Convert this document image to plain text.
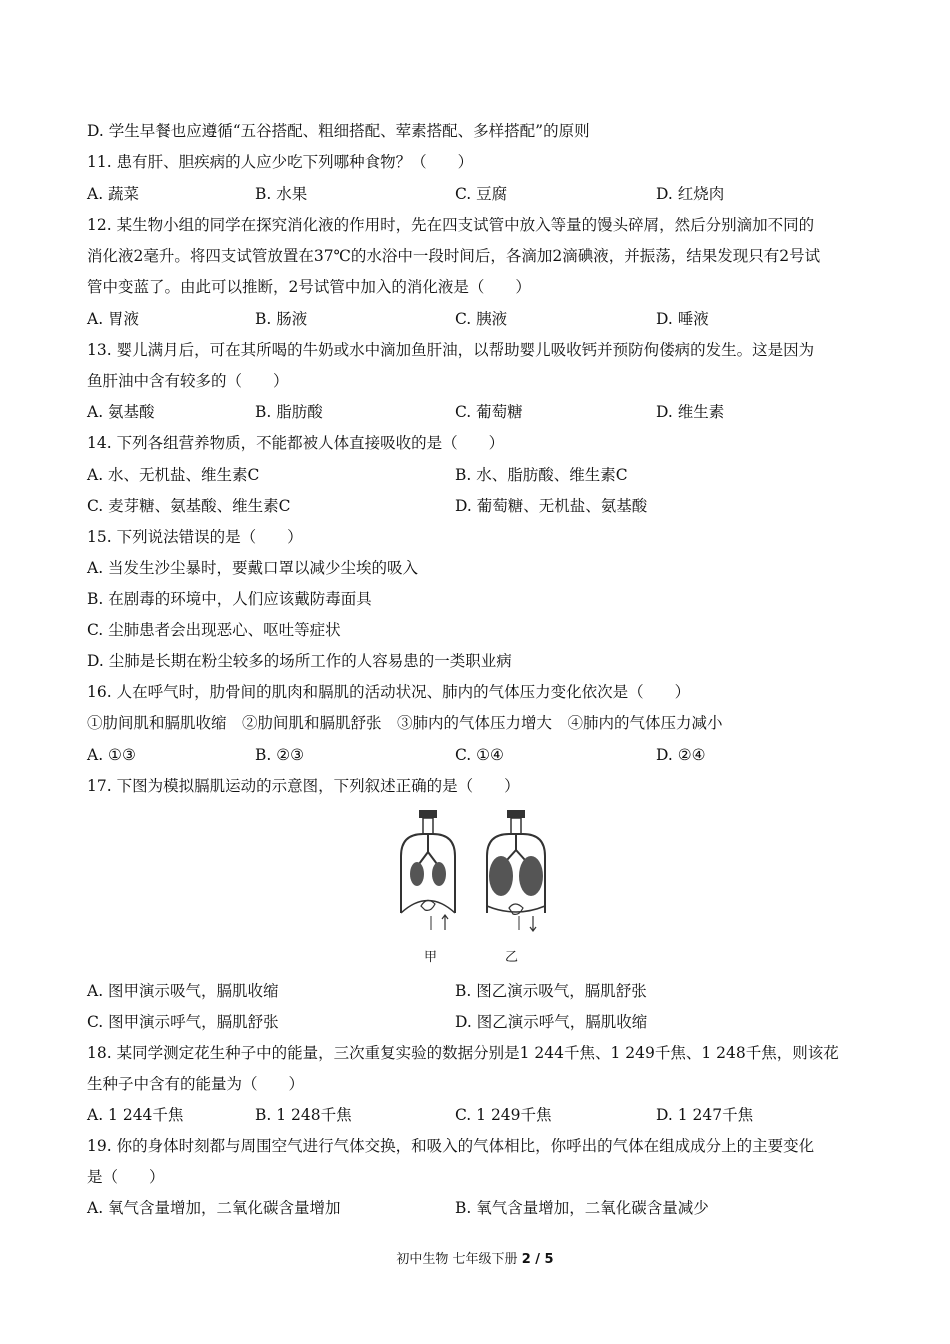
D. 学生早餐也应遵循“五谷搭配、粗细搭配、荤素搭配、多样搭配”的原则
11. 患有肝、胆疾病的人应少吃下列哪种食物？（　　）
A. 蔬菜	B. 水果	C. 豆腐	D. 红烧肉
12. 某生物小组的同学在探究消化液的作用时，先在四支试管中放入等量的馒头碎屑，然后分别滴加不同的
消化液2毫升。将四支试管放置在37℃的水浴中一段时间后，各滴加2滴碘液，并振荡，结果发现只有2号试
管中变蓝了。由此可以推断，2号试管中加入的消化液是（　　）
A. 胃液	B. 肠液	C. 胰液	D. 唾液
13. 婴儿满月后，可在其所喝的牛奶或水中滴加鱼肝油，以帮助婴儿吸收钙并预防佝偻病的发生。这是因为
鱼肝油中含有较多的（　　）
A. 氨基酸	B. 脂肪酸	C. 葡萄糖	D. 维生素
14. 下列各组营养物质，不能都被人体直接吸收的是（　　）
A. 水、无机盐、维生素C	B. 水、脂肪酸、维生素C
C. 麦芽糖、氨基酸、维生素C	D. 葡萄糖、无机盐、氨基酸
15. 下列说法错误的是（　　）
A. 当发生沙尘暴时，要戴口罩以减少尘埃的吸入
B. 在剧毒的环境中，人们应该戴防毒面具
C. 尘肺患者会出现恶心、呕吐等症状
D. 尘肺是长期在粉尘较多的场所工作的人容易患的一类职业病
16. 人在呼气时，肋骨间的肌肉和膈肌的活动状况、肺内的气体压力变化依次是（　　）
①肋间肌和膈肌收缩　②肋间肌和膈肌舒张　③肺内的气体压力增大　④肺内的气体压力减小
A. ①③	B. ②③	C. ①④	D. ②④
17. 下图为模拟膈肌运动的示意图，下列叙述正确的是（　　）
甲	乙
A. 图甲演示吸气，膈肌收缩	B. 图乙演示吸气，膈肌舒张
C. 图甲演示呼气，膈肌舒张	D. 图乙演示呼气，膈肌收缩
18. 某同学测定花生种子中的能量，三次重复实验的数据分别是1 244千焦、1 249千焦、1 248千焦，则该花
生种子中含有的能量为（　　）
A. 1 244千焦	B. 1 248千焦	C. 1 249千焦	D. 1 247千焦
19. 你的身体时刻都与周围空气进行气体交换，和吸入的气体相比，你呼出的气体在组成成分上的主要变化
是（　　）
A. 氧气含量增加，二氧化碳含量增加	B. 氧气含量增加，二氧化碳含量减少
初中生物 七年级下册 2 / 5
